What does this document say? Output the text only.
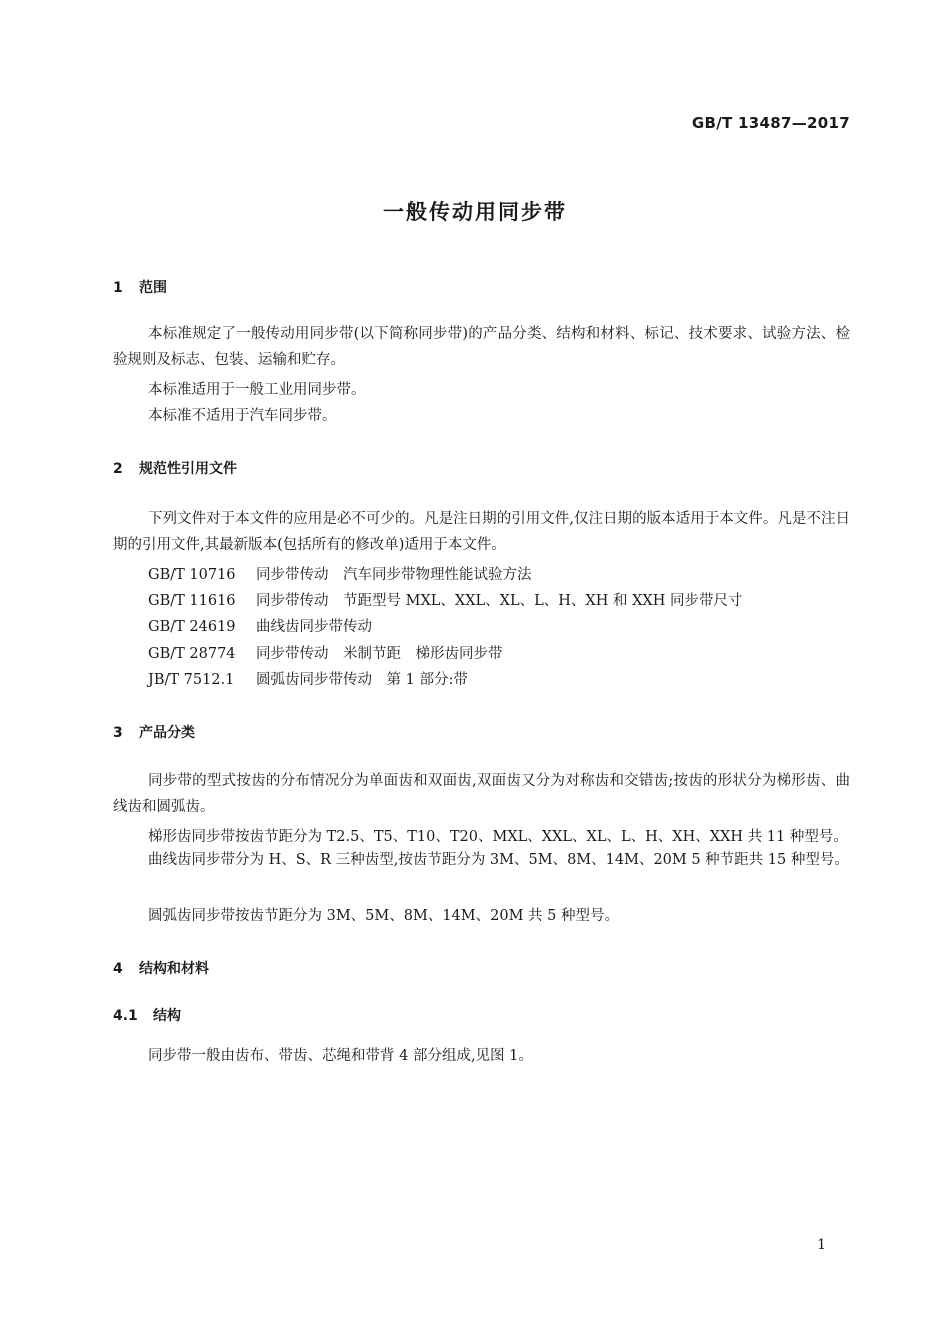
GB/T 13487—2017
一般传动用同步带
1 范围
本标准规定了一般传动用同步带(以下简称同步带)的产品分类、结构和材料、标记、技术要求、试验方法、检验规则及标志、包装、运输和贮存。
本标准适用于一般工业用同步带。
本标准不适用于汽车同步带。
2 规范性引用文件
下列文件对于本文件的应用是必不可少的。凡是注日期的引用文件,仅注日期的版本适用于本文件。凡是不注日期的引用文件,其最新版本(包括所有的修改单)适用于本文件。
GB/T 10716 同步带传动　汽车同步带物理性能试验方法
GB/T 11616 同步带传动　节距型号 MXL、XXL、XL、L、H、XH 和 XXH 同步带尺寸
GB/T 24619 曲线齿同步带传动
GB/T 28774 同步带传动　米制节距　梯形齿同步带
JB/T 7512.1 圆弧齿同步带传动　第 1 部分:带
3 产品分类
同步带的型式按齿的分布情况分为单面齿和双面齿,双面齿又分为对称齿和交错齿;按齿的形状分为梯形齿、曲线齿和圆弧齿。
梯形齿同步带按齿节距分为 T2.5、T5、T10、T20、MXL、XXL、XL、L、H、XH、XXH 共 11 种型号。
曲线齿同步带分为 H、S、R 三种齿型,按齿节距分为 3M、5M、8M、14M、20M 5 种节距共 15 种型号。
圆弧齿同步带按齿节距分为 3M、5M、8M、14M、20M 共 5 种型号。
4 结构和材料
4.1 结构
同步带一般由齿布、带齿、芯绳和带背 4 部分组成,见图 1。
1
